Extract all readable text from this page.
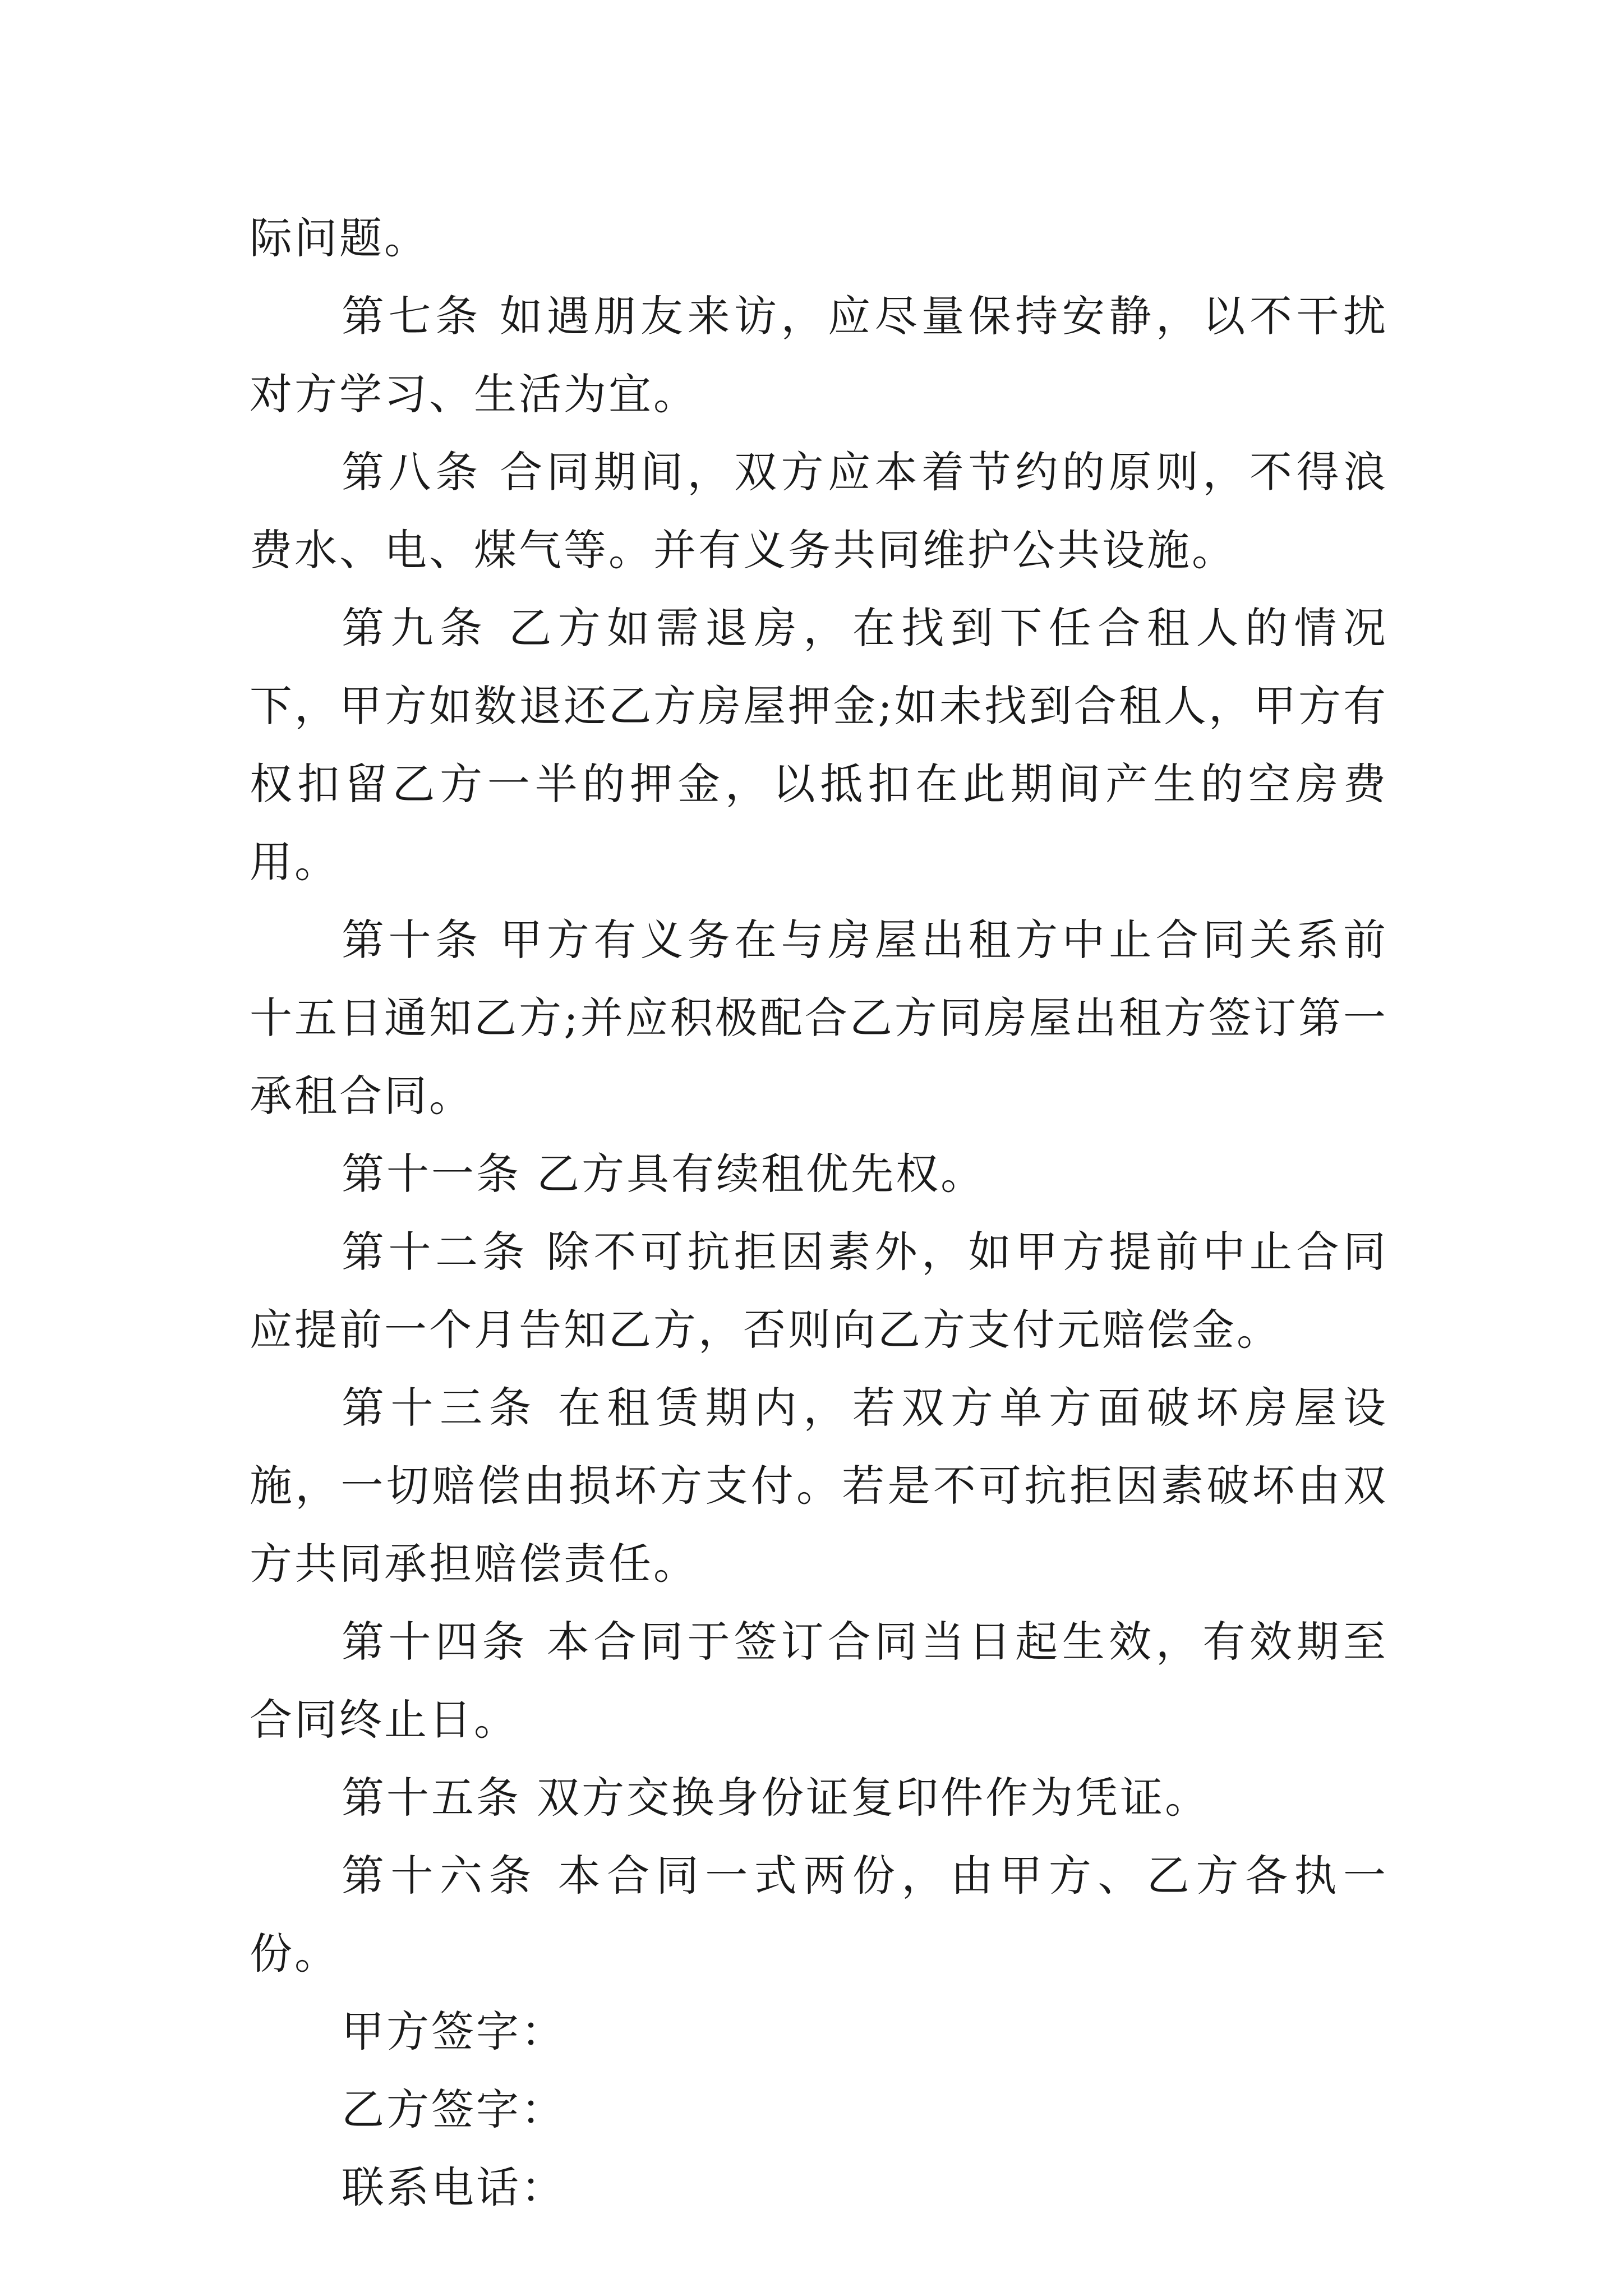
际问题。

第七条 如遇朋友来访，应尽量保持安静，以不干扰对方学习、生活为宜。

第八条 合同期间，双方应本着节约的原则，不得浪费水、电、煤气等。并有义务共同维护公共设施。

第九条 乙方如需退房，在找到下任合租人的情况下，甲方如数退还乙方房屋押金;如未找到合租人，甲方有权扣留乙方一半的押金，以抵扣在此期间产生的空房费用。

第十条 甲方有义务在与房屋出租方中止合同关系前十五日通知乙方;并应积极配合乙方同房屋出租方签订第一承租合同。

第十一条 乙方具有续租优先权。

第十二条 除不可抗拒因素外，如甲方提前中止合同应提前一个月告知乙方，否则向乙方支付元赔偿金。

第十三条 在租赁期内，若双方单方面破坏房屋设施，一切赔偿由损坏方支付。若是不可抗拒因素破坏由双方共同承担赔偿责任。

第十四条 本合同于签订合同当日起生效，有效期至合同终止日。

第十五条 双方交换身份证复印件作为凭证。

第十六条 本合同一式两份，由甲方、乙方各执一份。

甲方签字：

乙方签字：

联系电话：
